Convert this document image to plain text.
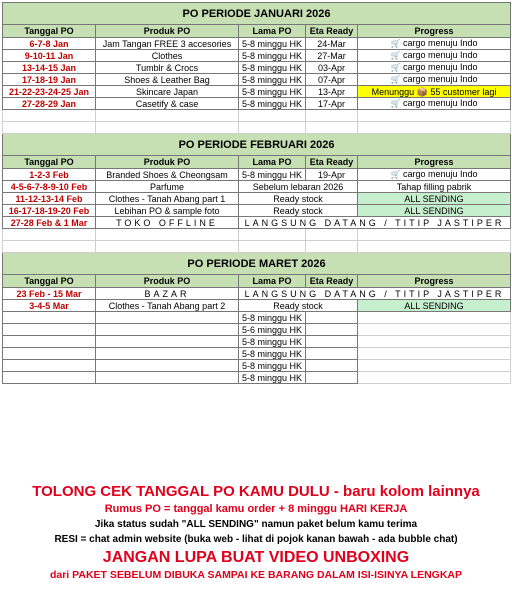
PO PERIODE JANUARI 2026				
Tanggal PO	Produk PO	Lama PO	Eta Ready	Progress
6-7-8 Jan	Jam Tangan FREE 3 accesories	5-8 minggu HK	24-Mar	🛒 cargo menuju Indo
9-10-11 Jan	Clothes	5-8 minggu HK	27-Mar	🛒 cargo menuju Indo
13-14-15 Jan	Tumblr & Crocs	5-8 minggu HK	03-Apr	🛒 cargo menuju Indo
17-18-19 Jan	Shoes & Leather Bag	5-8 minggu HK	07-Apr	🛒 cargo menuju Indo
21-22-23-24-25 Jan	Skincare Japan	5-8 minggu HK	13-Apr	Menunggu 📦 55 customer lagi
27-28-29 Jan	Casetify & case	5-8 minggu HK	17-Apr	🛒 cargo menuju Indo

PO PERIODE FEBRUARI 2026				
Tanggal PO	Produk PO	Lama PO	Eta Ready	Progress
1-2-3 Feb	Branded Shoes & Cheongsam	5-8 minggu HK	19-Apr	🛒 cargo menuju Indo
4-5-6-7-8-9-10 Feb	Parfume	Sebelum lebaran 2026		Tahap filling pabrik
11-12-13-14 Feb	Clothes - Tanah Abang part 1	Ready stock		ALL SENDING
16-17-18-19-20 Feb	Lebihan PO & sample foto	Ready stock		ALL SENDING
27-28 Feb & 1 Mar	TOKO OFFLINE	LANGSUNG DATANG / TITIP JASTIPER		

PO PERIODE MARET 2026				
Tanggal PO	Produk PO	Lama PO	Eta Ready	Progress
23 Feb - 15 Mar	BAZAR	LANGSUNG DATANG / TITIP JASTIPER		
3-4-5 Mar	Clothes - Tanah Abang part 2	Ready stock		ALL SENDING
		5-8 minggu HK		
		5-6 minggu HK		
		5-8 minggu HK		
		5-8 minggu HK		
		5-8 minggu HK		
		5-8 minggu HK		
TOLONG CEK TANGGAL PO KAMU DULU - baru kolom lainnya
Rumus PO = tanggal kamu order + 8 minggu HARI KERJA
Jika status sudah "ALL SENDING" namun paket belum kamu terima
RESI = chat admin website (buka web - lihat di pojok kanan bawah - ada bubble chat)
JANGAN LUPA BUAT VIDEO UNBOXING
dari PAKET SEBELUM DIBUKA SAMPAI KE BARANG DALAM ISI-ISINYA LENGKAP
